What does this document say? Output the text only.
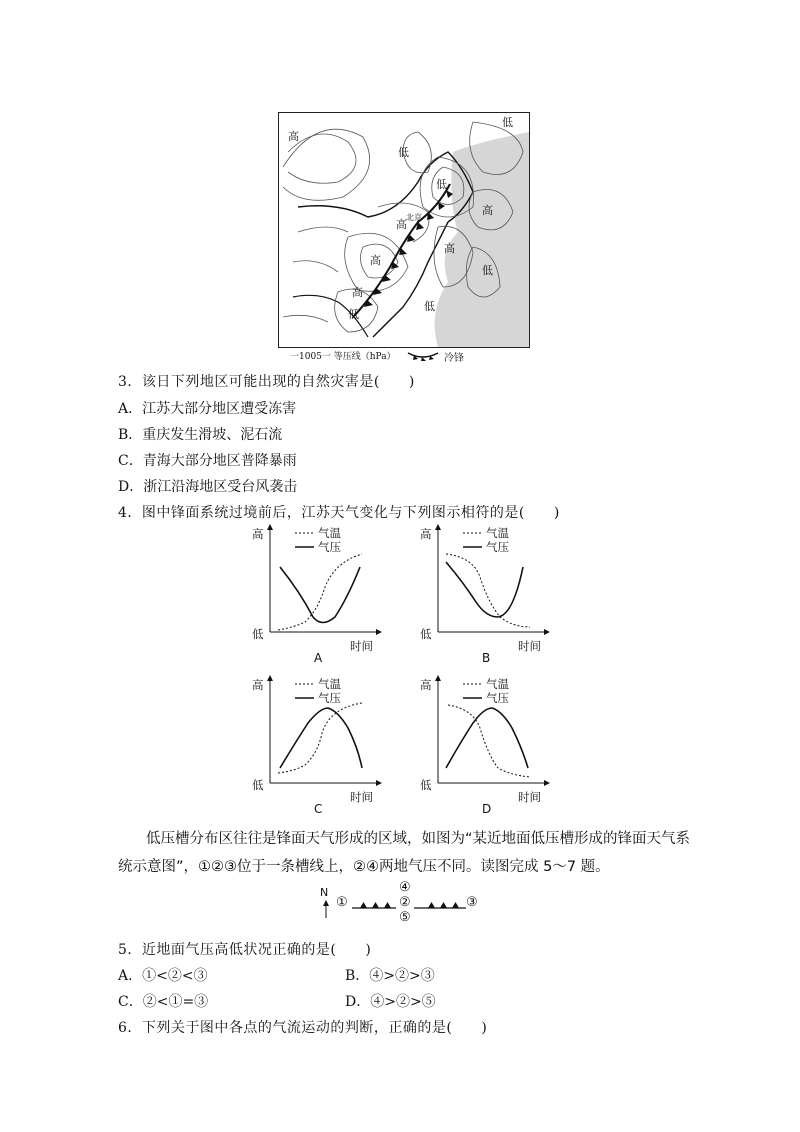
高
低
低
高
低
高
高
高
低
高
低
低
北京
一1005一 等压线（hPa）	冷锋
3．该日下列地区可能出现的自然灾害是(　　)
A．江苏大部分地区遭受冻害
B．重庆发生滑坡、泥石流
C．青海大部分地区普降暴雨
D．浙江沿海地区受台风袭击
4．图中锋面系统过境前后，江苏天气变化与下列图示相符的是(　　)
高
低
气温
气压
时间
A
高
低
气温
气压
时间
B
高
低
气温
气压
时间
C
高
低
气温
气压
时间
D
低压槽分布区往往是锋面天气形成的区域，如图为“某近地面低压槽形成的锋面天气系
统示意图”，①②③位于一条槽线上，②④两地气压不同。读图完成 5～7 题。
N
①
④
②
⑤
③
5．近地面气压高低状况正确的是(　　)
A．①<②<③	B．④>②>③
C．②<①=③	D．④>②>⑤
6．下列关于图中各点的气流运动的判断，正确的是(　　)
